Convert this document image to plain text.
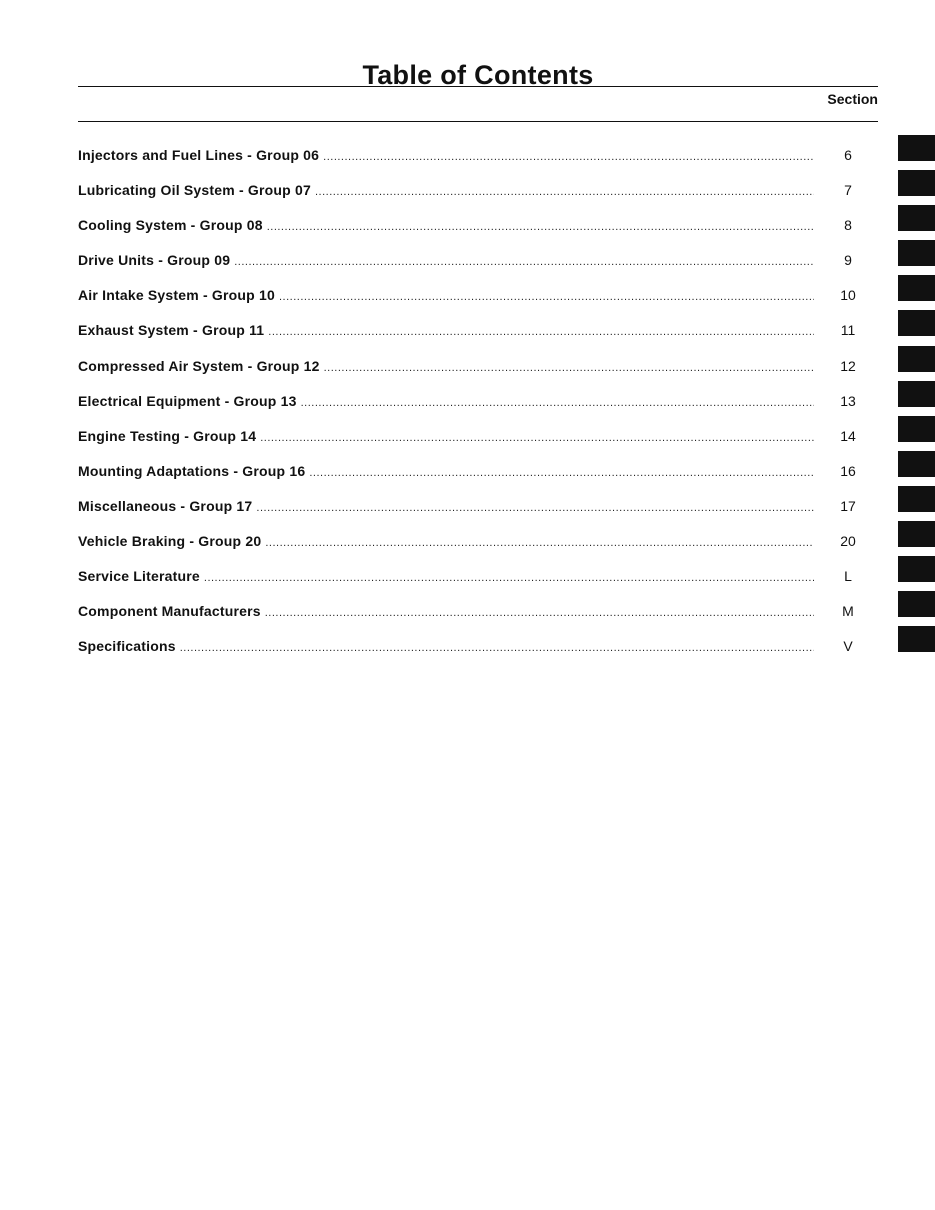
Table of Contents
Section
Injectors and Fuel Lines - Group 06 .....	6
Lubricating Oil System - Group 07 .....	7
Cooling System - Group 08 .....	8
Drive Units - Group 09 .....	9
Air Intake System - Group 10 .....	10
Exhaust System - Group 11 .....	11
Compressed Air System - Group 12 .....	12
Electrical Equipment - Group 13 .....	13
Engine Testing - Group 14 .....	14
Mounting Adaptations - Group 16 .....	16
Miscellaneous - Group 17 .....	17
Vehicle Braking - Group 20 .....	20
Service Literature .....	L
Component Manufacturers .....	M
Specifications .....	V
